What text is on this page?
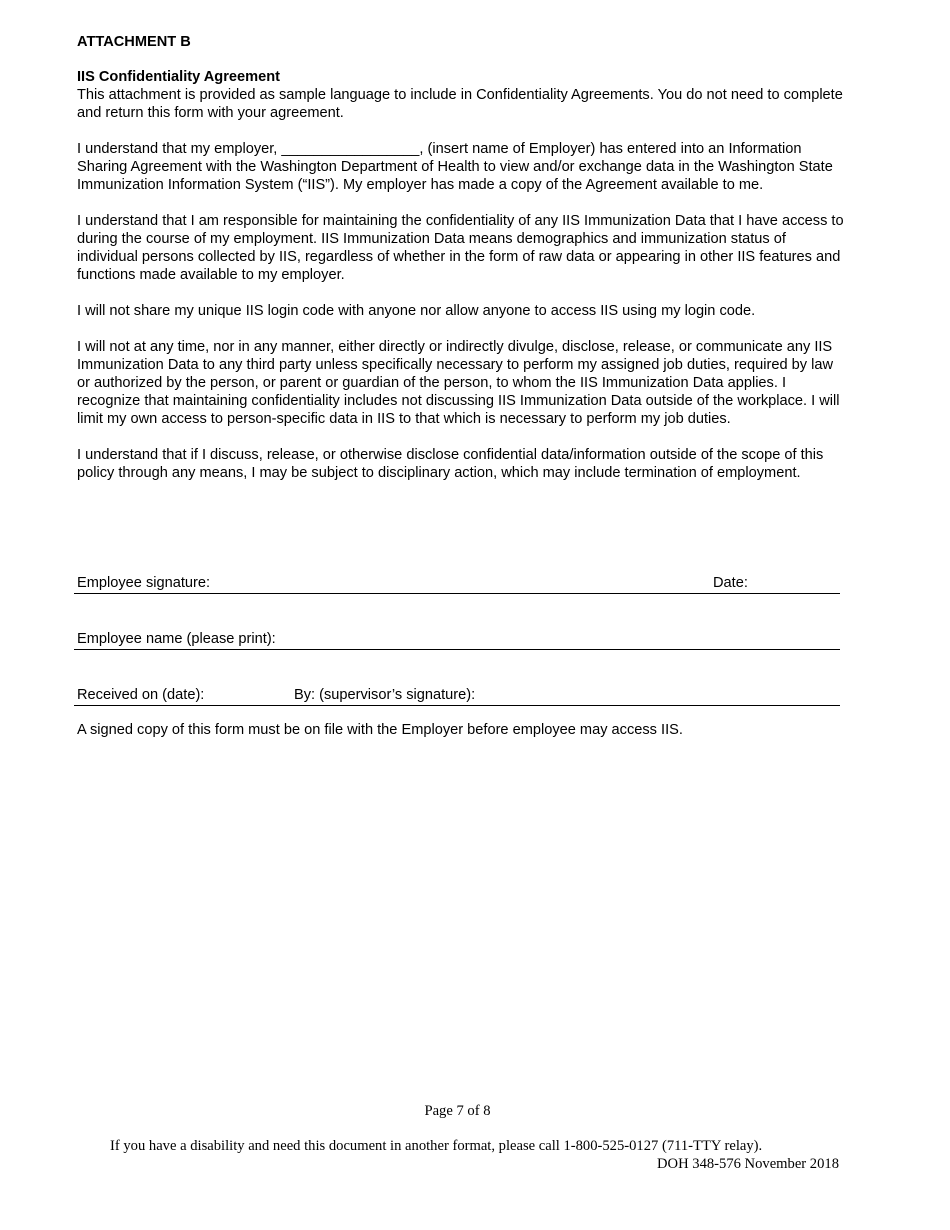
ATTACHMENT B

IIS Confidentiality Agreement

This attachment is provided as sample language to include in Confidentiality Agreements. You do not need to complete and return this form with your agreement.

I understand that my employer, _________________, (insert name of Employer) has entered into an Information Sharing Agreement with the Washington Department of Health to view and/or exchange data in the Washington State Immunization Information System (“IIS”). My employer has made a copy of the Agreement available to me.

I understand that I am responsible for maintaining the confidentiality of any IIS Immunization Data that I have access to during the course of my employment. IIS Immunization Data means demographics and immunization status of individual persons collected by IIS, regardless of whether in the form of raw data or appearing in other IIS features and functions made available to my employer.

I will not share my unique IIS login code with anyone nor allow anyone to access IIS using my login code.

I will not at any time, nor in any manner, either directly or indirectly divulge, disclose, release, or communicate any IIS Immunization Data to any third party unless specifically necessary to perform my assigned job duties, required by law or authorized by the person, or parent or guardian of the person, to whom the IIS Immunization Data applies. I recognize that maintaining confidentiality includes not discussing IIS Immunization Data outside of the workplace. I will limit my own access to person-specific data in IIS to that which is necessary to perform my job duties.

I understand that if I discuss, release, or otherwise disclose confidential data/information outside of the scope of this policy through any means, I may be subject to disciplinary action, which may include termination of employment.

Employee signature:	Date:
Employee name (please print):
Received on (date):	By: (supervisor’s signature):
A signed copy of this form must be on file with the Employer before employee may access IIS.
Page 7 of 8
If you have a disability and need this document in another format, please call 1-800-525-0127 (711-TTY relay).
DOH 348-576 November 2018
